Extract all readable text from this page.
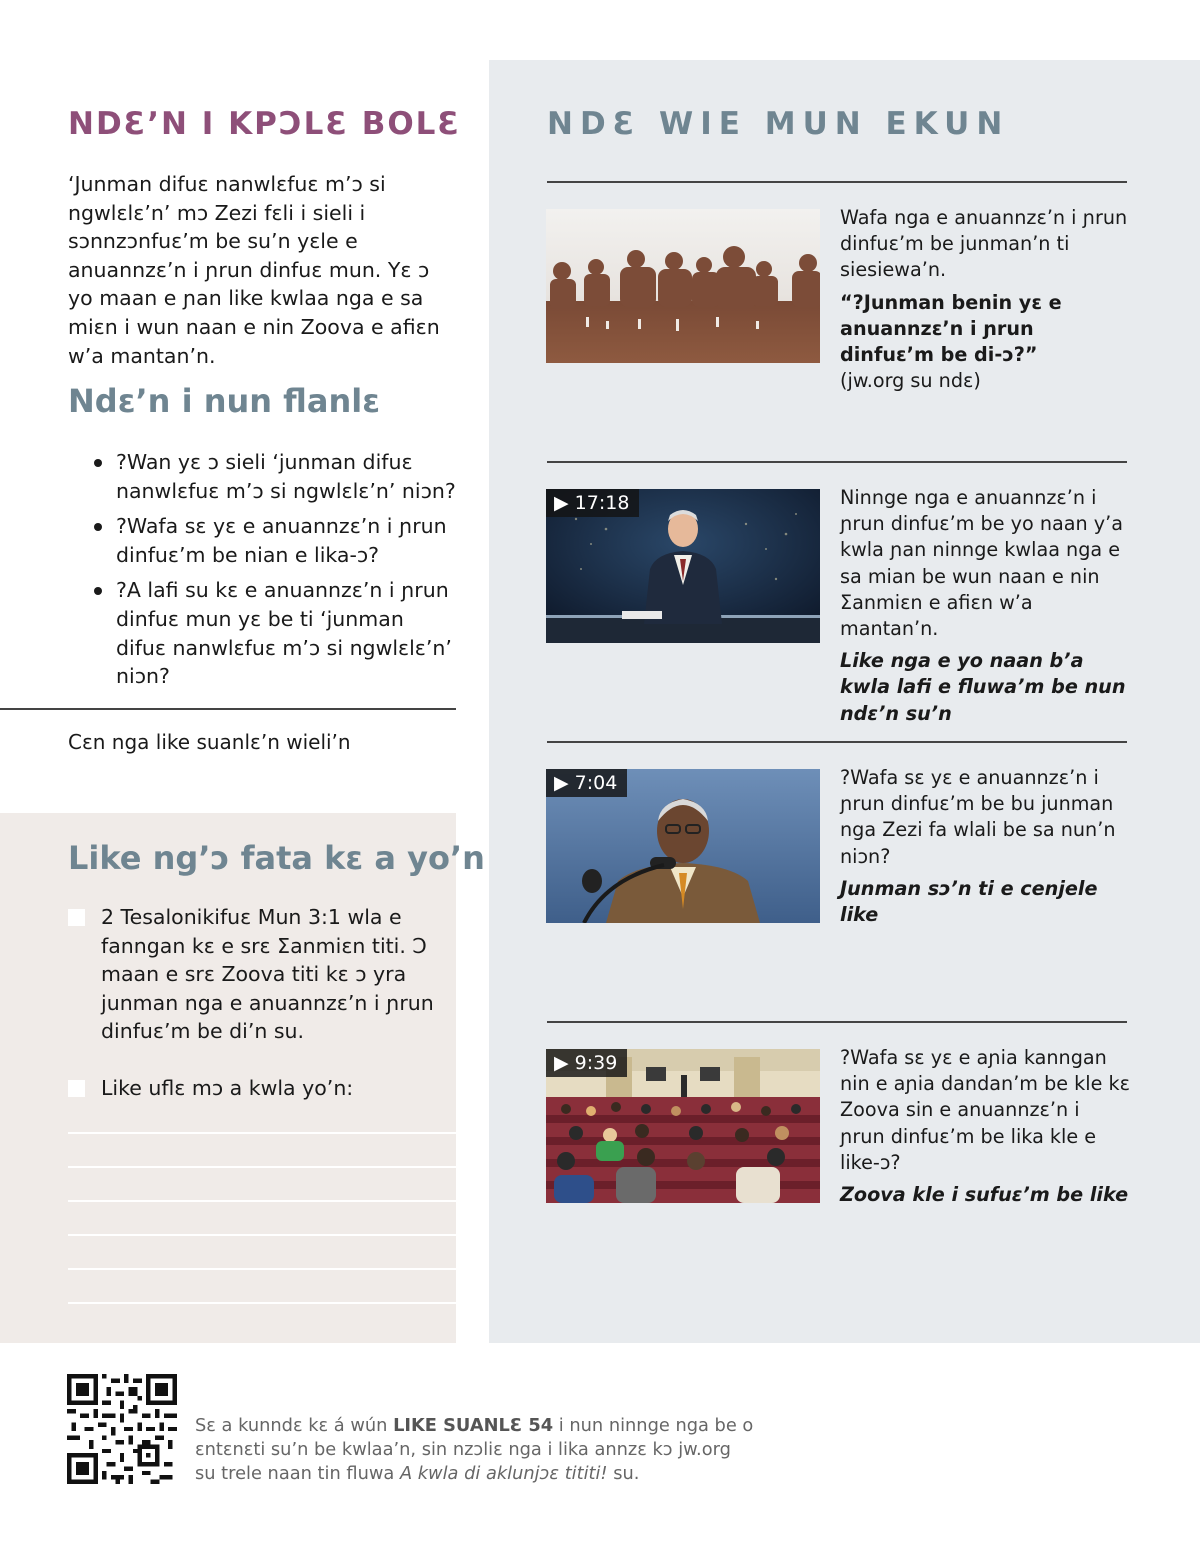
NDƐ’N I KPƆLƐ BOLƐ

‘Junman difuɛ nanwlɛfuɛ m’ɔ si ngwlɛlɛ’n’ mɔ Zezi fɛli i sieli i sɔnnzɔnfuɛ’m be su’n yɛle e anuannzɛ’n i ɲrun dinfuɛ mun. Yɛ ɔ yo maan e ɲan like kwlaa nga e sa miɛn i wun naan e nin Zoova e afiɛn w’a mantan’n.

Ndɛ’n i nun flanlɛ
?Wan yɛ ɔ sieli ‘junman difuɛ nanwlɛfuɛ m’ɔ si ngwlɛlɛ’n’ niɔn?
?Wafa sɛ yɛ e anuannzɛ’n i ɲrun dinfuɛ’m be nian e lika-ɔ?
?A lafi su kɛ e anuannzɛ’n i ɲrun dinfuɛ mun yɛ be ti ‘junman difuɛ nanwlɛfuɛ m’ɔ si ngwlɛlɛ’n’ niɔn?
Cɛn nga like suanlɛ’n wieli’n
Like ng’ɔ fata kɛ a yo’n
2 Tesalonikifuɛ Mun 3:1 wla e fanngan kɛ e srɛ Ʃanmiɛn titi. Ɔ maan e srɛ Zoova titi kɛ ɔ yra junman nga e anuannzɛ’n i ɲrun dinfuɛ’m be di’n su.
Like uflɛ mɔ a kwla yo’n:
NDƐ WIE MUN EKUN
Wafa nga e anuannzɛ’n i ɲrun dinfuɛ’m be junman’n ti siesiewa’n.
“?Junman benin yɛ e anuannzɛ’n i ɲrun dinfuɛ’m be di-ɔ?”
(jw.org su ndɛ)
▶ 17:18	Ninnge nga e anuannzɛ’n i ɲrun dinfuɛ’m be yo naan y’a kwla ɲan ninnge kwlaa nga e sa mian be wun naan e nin Ʃanmiɛn e afiɛn w’a mantan’n.
Like nga e yo naan b’a kwla lafi e fluwa’m be nun ndɛ’n su’n
▶ 7:04	?Wafa sɛ yɛ e anuannzɛ’n i ɲrun dinfuɛ’m be bu junman nga Zezi fa wlali be sa nun’n niɔn?
Junman sɔ’n ti e cenjele like
▶ 9:39	?Wafa sɛ yɛ e aɲia kanngan nin e aɲia dandan’m be kle kɛ Zoova sin e anuannzɛ’n i ɲrun dinfuɛ’m be lika kle e like-ɔ?
Zoova kle i sufuɛ’m be like

Sɛ a kunndɛ kɛ á wún LIKE SUANLƐ 54 i nun ninnge nga be o ɛntɛnɛti su’n be kwlaa’n, sin nzɔliɛ nga i lika annzɛ kɔ jw.org su trele naan tin fluwa A kwla di aklunjɔɛ tititi! su.
